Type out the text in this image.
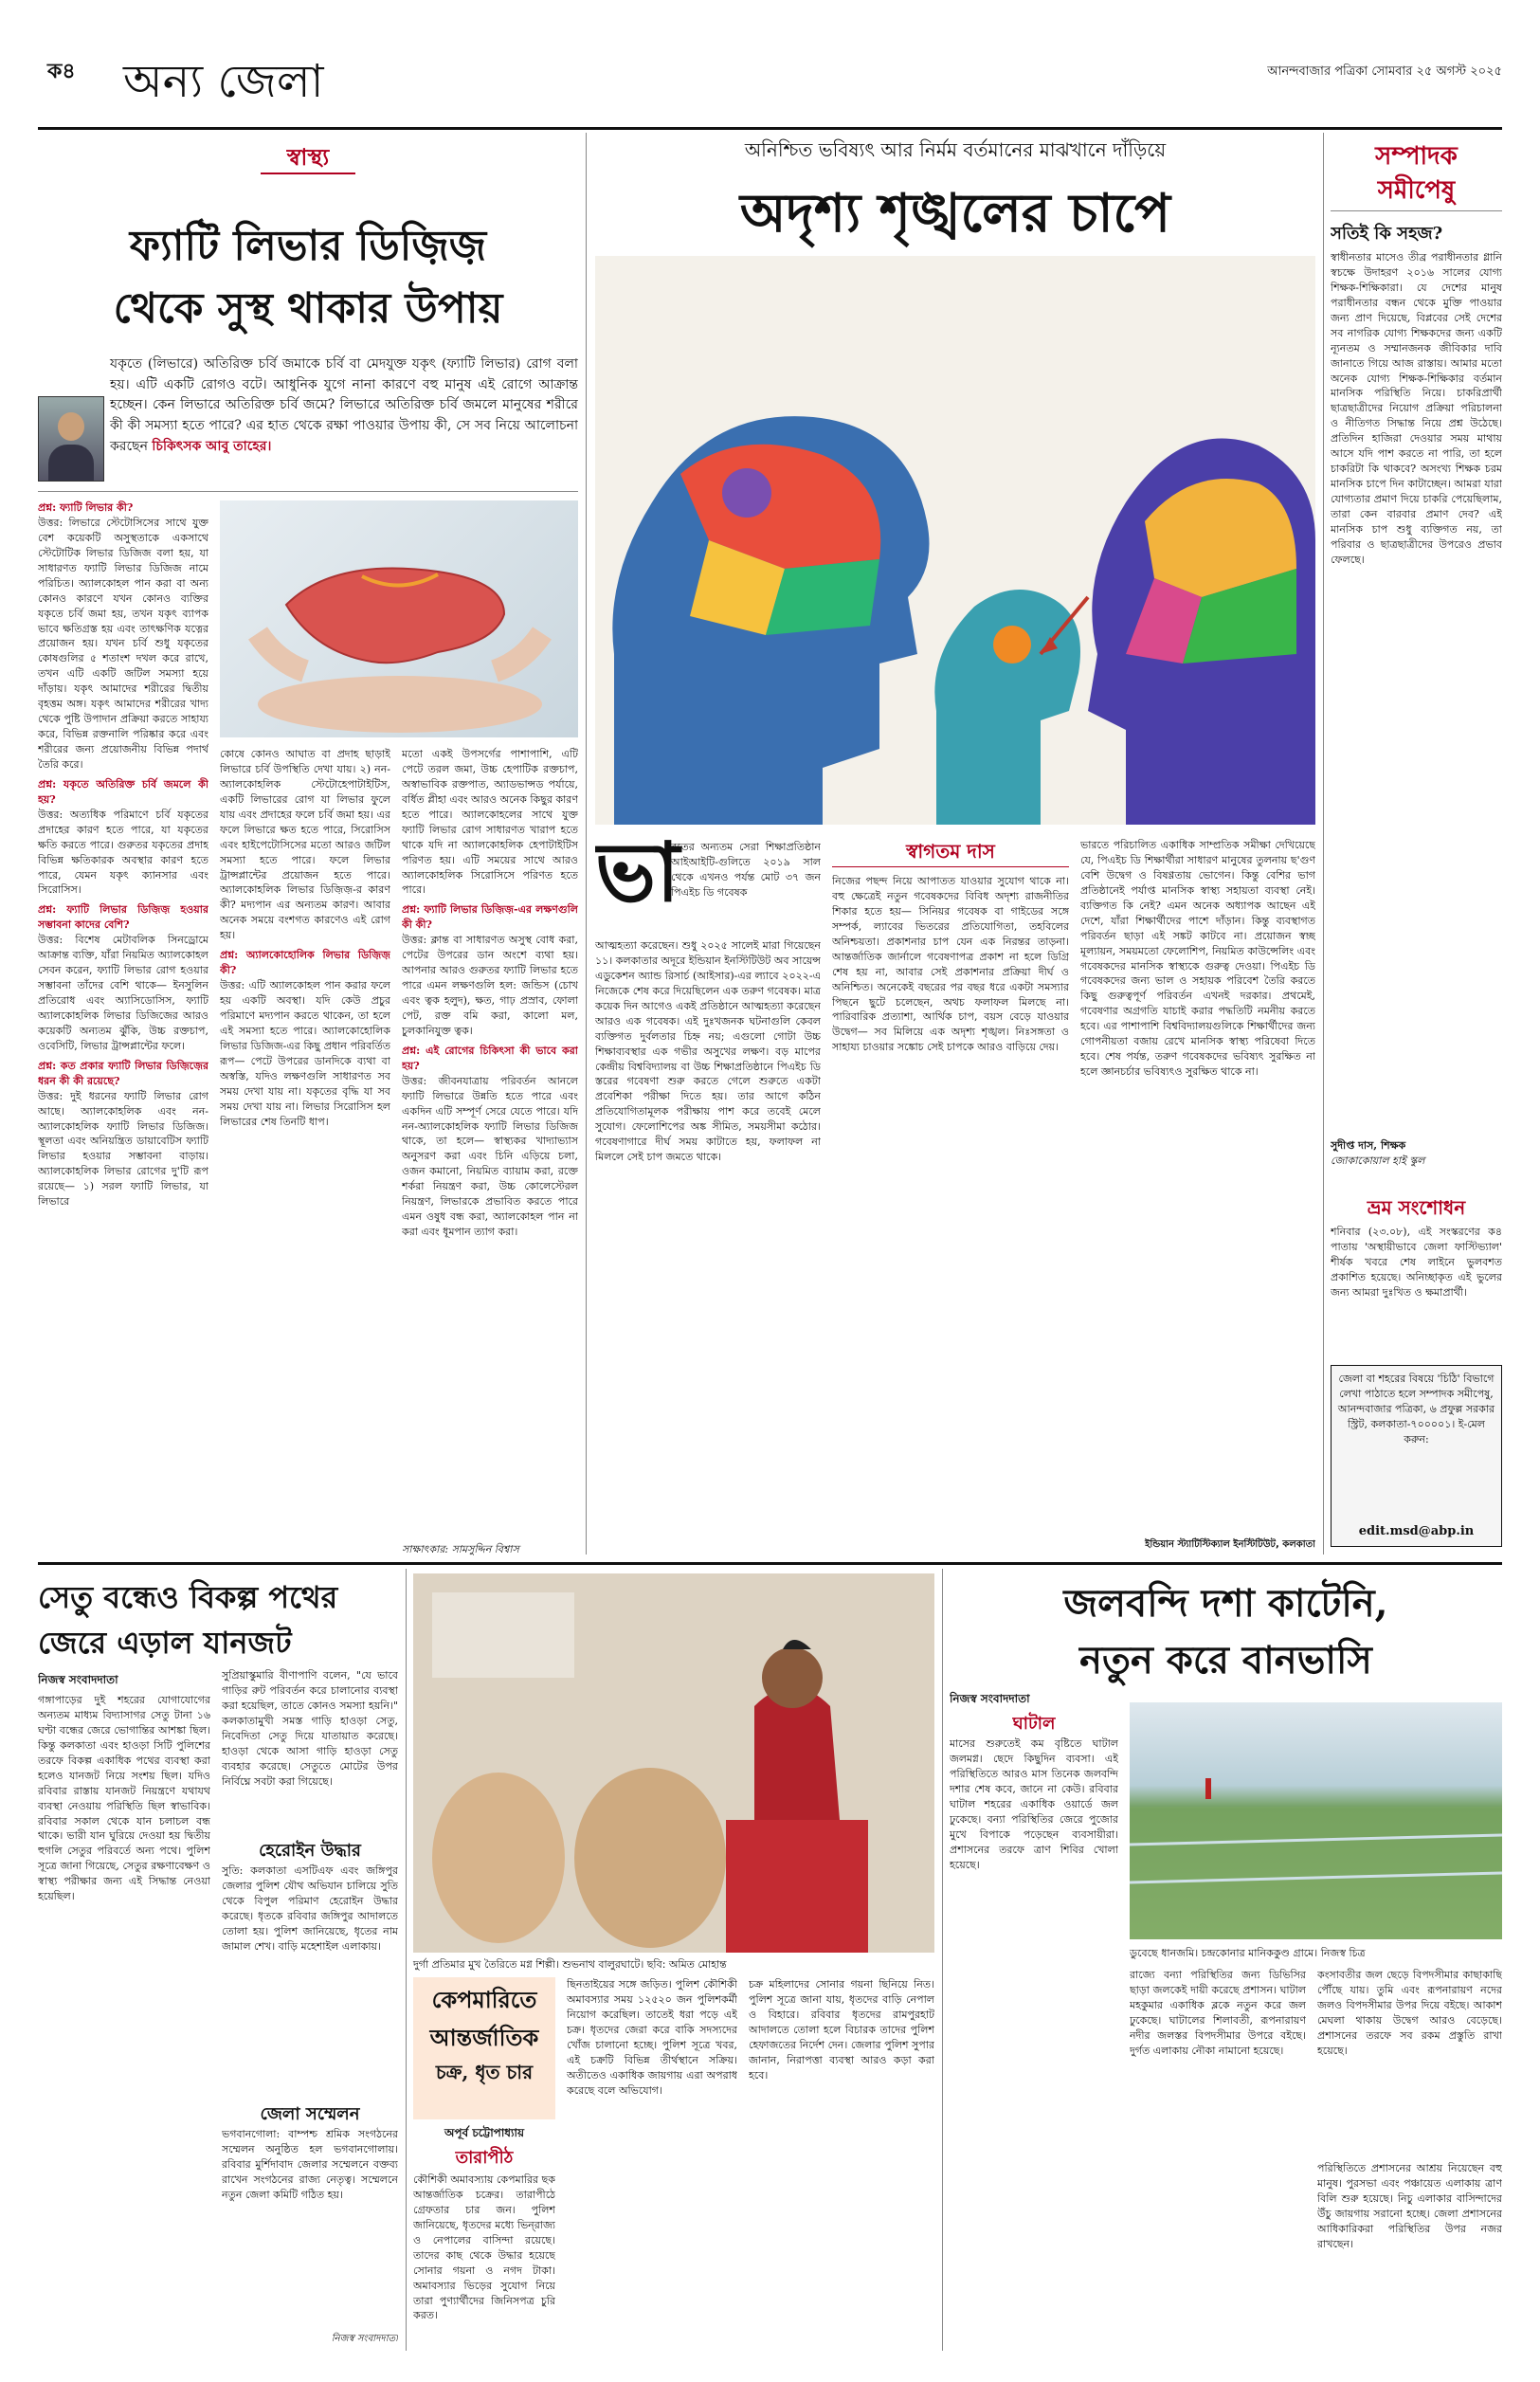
ক৪ অন্য জেলা	আনন্দবাজার পত্রিকা সোমবার ২৫ অগস্ট ২০২৫
স্বাস্থ্য
ফ্যাটি লিভার ডিজ়িজ়
থেকে সুস্থ থাকার উপায়
যকৃতে (লিভারে) অতিরিক্ত চর্বি জমাকে চর্বি বা মেদযুক্ত যকৃৎ (ফ্যাটি লিভার) রোগ বলা হয়। এটি একটি রোগও বটে। আধুনিক যুগে নানা কারণে বহু মানুষ এই রোগে আক্রান্ত হচ্ছেন। কেন লিভারে অতিরিক্ত চর্বি জমে? লিভারে অতিরিক্ত চর্বি জমলে মানুষের শরীরে কী কী সমস্যা হতে পারে? এর হাত থেকে রক্ষা পাওয়ার উপায় কী, সে সব নিয়ে আলোচনা করছেন চিকিৎসক আবু তাহের।

প্রশ্ন: ফ্যাটি লিভার কী?
উত্তর: লিভারে স্টেটোসিসের সাথে যুক্ত বেশ কয়েকটি অসুস্থতাকে একসাথে স্টেটোটিক লিভার ডিজিজ বলা হয়, যা সাধারণত ফ্যাটি লিভার ডিজিজ নামে পরিচিত। অ্যালকোহল পান করা বা অন্য কোনও কারণে যখন কোনও ব্যক্তির যকৃতে চর্বি জমা হয়, তখন যকৃৎ ব্যাপক ভাবে ক্ষতিগ্রস্ত হয় এবং তাৎক্ষণিক যত্নের প্রয়োজন হয়। যখন চর্বি শুধু যকৃতের কোষগুলির ৫ শতাংশ দখল করে রাখে, তখন এটি একটি জটিল সমস্যা হয়ে দাঁড়ায়। যকৃৎ আমাদের শরীরের দ্বিতীয় বৃহত্তম অঙ্গ। যকৃৎ আমাদের শরীরের খাদ্য থেকে পুষ্টি উপাদান প্রক্রিয়া করতে সাহায্য করে, বিভিন্ন রক্তনালি পরিষ্কার করে এবং শরীরের জন্য প্রয়োজনীয় বিভিন্ন পদার্থ তৈরি করে।

প্রশ্ন: যকৃতে অতিরিক্ত চর্বি জমলে কী হয়?
উত্তর: অত্যধিক পরিমাণে চর্বি যকৃতের প্রদাহের কারণ হতে পারে, যা যকৃতের ক্ষতি করতে পারে। গুরুতর যকৃতের প্রদাহ বিভিন্ন ক্ষতিকারক অবস্থার কারণ হতে পারে, যেমন যকৃৎ ক্যানসার এবং সিরোসিস।

প্রশ্ন: ফ্যাটি লিভার ডিজ়িজ় হওয়ার সম্ভাবনা কাদের বেশি?
উত্তর: বিশেষ মেটাবলিক সিনড্রোমে আক্রান্ত ব্যক্তি, যাঁরা নিয়মিত অ্যালকোহল সেবন করেন, ফ্যাটি লিভার রোগ হওয়ার সম্ভাবনা তাঁদের বেশি থাকে— ইনসুলিন প্রতিরোধ এবং অ্যাসিডোসিস, ফ্যাটি অ্যালকোহলিক লিভার ডিজিজের আরও কয়েকটি অন্যতম ঝুঁকি, উচ্চ রক্তচাপ, ওবেসিটি, লিভার ট্রান্সপ্লান্টের ফলে।

প্রশ্ন: কত প্রকার ফ্যাটি লিভার ডিজ়িজ়ের ধরন কী কী রয়েছে?
উত্তর: দুই ধরনের ফ্যাটি লিভার রোগ আছে। অ্যালকোহলিক এবং নন-অ্যালকোহলিক ফ্যাটি লিভার ডিজিজ। স্থূলতা এবং অনিয়ন্ত্রিত ডায়াবেটিস ফ্যাটি লিভার হওয়ার সম্ভাবনা বাড়ায়। অ্যালকোহলিক লিভার রোগের দু'টি রূপ রয়েছে— ১) সরল ফ্যাটি লিভার, যা লিভারে

কোষে কোনও আঘাত বা প্রদাহ ছাড়াই লিভারে চর্বি উপস্থিতি দেখা যায়। ২) নন-অ্যালকোহলিক স্টেটোহেপাটাইটিস, একটি লিভারের রোগ যা লিভার ফুলে যায় এবং প্রদাহের ফলে চর্বি জমা হয়। এর ফলে লিভারে ক্ষত হতে পারে, সিরোসিস এবং হাইপেটোসিসের মতো আরও জটিল সমস্যা হতে পারে। ফলে লিভার ট্রান্সপ্লান্টের প্রয়োজন হতে পারে। অ্যালকোহলিক লিভার ডিজ়িজ়-র কারণ কী? মদ্যপান এর অন্যতম কারণ। আবার অনেক সময়ে বংশগত কারণেও এই রোগ হয়।

প্রশ্ন: অ্যালকোহোলিক লিভার ডিজ়িজ় কী?
উত্তর: এটি অ্যালকোহল পান করার ফলে হয় একটি অবস্থা। যদি কেউ প্রচুর পরিমাণে মদ্যপান করতে থাকেন, তা হলে এই সমস্যা হতে পারে। অ্যালকোহোলিক লিভার ডিজিজ-এর কিছু প্রধান পরিবর্তিত রূপ— পেটে উপরের ডানদিকে ব্যথা বা অস্বস্তি, যদিও লক্ষণগুলি সাধারণত সব সময় দেখা যায় না। যকৃতের বৃদ্ধি যা সব সময় দেখা যায় না। লিভার সিরোসিস হল লিভারের শেষ তিনটি ধাপ।

মতো একই উপসর্গের পাশাপাশি, এটি পেটে তরল জমা, উচ্চ হেপাটিক রক্তচাপ, অস্বাভাবিক রক্তপাত, অ্যাডভান্সড পর্যায়ে, বর্ধিত প্লীহা এবং আরও অনেক কিছুর কারণ হতে পারে। অ্যালকোহলের সাথে যুক্ত ফ্যাটি লিভার রোগ সাধারণত খারাপ হতে থাকে যদি না অ্যালকোহলিক হেপাটাইটিস পরিণত হয়। এটি সময়ের সাথে আরও অ্যালকোহলিক সিরোসিসে পরিণত হতে পারে।

প্রশ্ন: ফ্যাটি লিভার ডিজ়িজ়-এর লক্ষণগুলি কী কী?
উত্তর: ক্লান্ত বা সাধারণত অসুস্থ বোধ করা, পেটের উপরের ডান অংশে ব্যথা হয়। আপনার আরও গুরুতর ফ্যাটি লিভার হতে পারে এমন লক্ষণগুলি হল: জন্ডিস (চোখ এবং ত্বক হলুদ), ক্ষত, গাঢ় প্রস্রাব, ফোলা পেট, রক্ত বমি করা, কালো মল, চুলকানিযুক্ত ত্বক।

প্রশ্ন: এই রোগের চিকিৎসা কী ভাবে করা হয়?
উত্তর: জীবনযাত্রায় পরিবর্তন আনলে ফ্যাটি লিভারে উন্নতি হতে পারে এবং একদিন এটি সম্পূর্ণ সেরে যেতে পারে। যদি নন-অ্যালকোহলিক ফ্যাটি লিভার ডিজিজ থাকে, তা হলে— স্বাস্থ্যকর খাদ্যাভ্যাস অনুসরণ করা এবং চিনি এড়িয়ে চলা, ওজন কমানো, নিয়মিত ব্যায়াম করা, রক্তে শর্করা নিয়ন্ত্রণ করা, উচ্চ কোলেস্টেরল নিয়ন্ত্রণ, লিভারকে প্রভাবিত করতে পারে এমন ওষুধ বন্ধ করা, অ্যালকোহল পান না করা এবং ধূমপান ত্যাগ করা।

সাক্ষাৎকার: সামসুদ্দিন বিশ্বাস
অনিশ্চিত ভবিষ্যৎ আর নির্মম বর্তমানের মাঝখানে দাঁড়িয়ে
অদৃশ্য শৃঙ্খলের চাপে
ভা
রতের অন্যতম সেরা শিক্ষাপ্রতিষ্ঠান আইআইটি-গুলিতে ২০১৯ সাল থেকে এখনও পর্যন্ত মোট ৩৭ জন পিএইচ ডি গবেষক
আত্মহত্যা করেছেন। শুধু ২০২৫ সালেই মারা গিয়েছেন ১১। কলকাতার অদূরে ইন্ডিয়ান ইনস্টিটিউট অব সায়েন্স এডুকেশন অ্যান্ড রিসার্চ (আইসার)-এর ল্যাবে ২০২২-এ নিজেকে শেষ করে দিয়েছিলেন এক তরুণ গবেষক। মাত্র কয়েক দিন আগেও একই প্রতিষ্ঠানে আত্মহত্যা করেছেন আরও এক গবেষক। এই দুঃখজনক ঘটনাগুলি কেবল ব্যক্তিগত দুর্বলতার চিহ্ন নয়; এগুলো গোটা উচ্চ শিক্ষাব্যবস্থার এক গভীর অসুখের লক্ষণ। বড় মাপের কেন্দ্রীয় বিশ্ববিদ্যালয় বা উচ্চ শিক্ষাপ্রতিষ্ঠানে পিএইচ ডি স্তরের গবেষণা শুরু করতে গেলে শুরুতে একটা প্রবেশিকা পরীক্ষা দিতে হয়। তার আগে কঠিন প্রতিযোগিতামূলক পরীক্ষায় পাশ করে তবেই মেলে সুযোগ। ফেলোশিপের অঙ্ক সীমিত, সময়সীমা কঠোর। গবেষণাগারে দীর্ঘ সময় কাটাতে হয়, ফলাফল না মিললে সেই চাপ জমতে থাকে।
স্বাগতম দাস
নিজের পছন্দ নিয়ে আপাতত যাওয়ার সুযোগ থাকে না। বহু ক্ষেত্রেই নতুন গবেষকদের বিবিধ অদৃশ্য রাজনীতির শিকার হতে হয়— সিনিয়র গবেষক বা গাইডের সঙ্গে সম্পর্ক, ল্যাবের ভিতরের প্রতিযোগিতা, তহবিলের অনিশ্চয়তা। প্রকাশনার চাপ যেন এক নিরন্তর তাড়না। আন্তর্জাতিক জার্নালে গবেষণাপত্র প্রকাশ না হলে ডিগ্রি শেষ হয় না, আবার সেই প্রকাশনার প্রক্রিয়া দীর্ঘ ও অনিশ্চিত। অনেকেই বছরের পর বছর ধরে একটা সমস্যার পিছনে ছুটে চলেছেন, অথচ ফলাফল মিলছে না। পারিবারিক প্রত্যাশা, আর্থিক চাপ, বয়স বেড়ে যাওয়ার উদ্বেগ— সব মিলিয়ে এক অদৃশ্য শৃঙ্খল। নিঃসঙ্গতা ও সাহায্য চাওয়ার সঙ্কোচ সেই চাপকে আরও বাড়িয়ে দেয়।
ভারতে পরিচালিত একাধিক সাম্প্রতিক সমীক্ষা দেখিয়েছে যে, পিএইচ ডি শিক্ষার্থীরা সাধারণ মানুষের তুলনায় ছ'গুণ বেশি উদ্বেগ ও বিষণ্ণতায় ভোগেন। কিন্তু বেশির ভাগ প্রতিষ্ঠানেই পর্যাপ্ত মানসিক স্বাস্থ্য সহায়তা ব্যবস্থা নেই। ব্যক্তিগত কি নেই? এমন অনেক অধ্যাপক আছেন এই দেশে, যাঁরা শিক্ষার্থীদের পাশে দাঁড়ান। কিন্তু ব্যবস্থাগত পরিবর্তন ছাড়া এই সঙ্কট কাটবে না। প্রয়োজন স্বচ্ছ মূল্যায়ন, সময়মতো ফেলোশিপ, নিয়মিত কাউন্সেলিং এবং গবেষকদের মানসিক স্বাস্থ্যকে গুরুত্ব দেওয়া। পিএইচ ডি গবেষকদের জন্য ভাল ও সহায়ক পরিবেশ তৈরি করতে কিছু গুরুত্বপূর্ণ পরিবর্তন এখনই দরকার। প্রথমেই, গবেষণার অগ্রগতি যাচাই করার পদ্ধতিটি নমনীয় করতে হবে। এর পাশাপাশি বিশ্ববিদ্যালয়গুলিকে শিক্ষার্থীদের জন্য গোপনীয়তা বজায় রেখে মানসিক স্বাস্থ্য পরিষেবা দিতে হবে। শেষ পর্যন্ত, তরুণ গবেষকদের ভবিষ্যৎ সুরক্ষিত না হলে জ্ঞানচর্চার ভবিষ্যৎও সুরক্ষিত থাকে না।
ইন্ডিয়ান স্ট্যাটিস্টিক্যাল ইনস্টিটিউট, কলকাতা
সম্পাদক
সমীপেষু
সতিই কি সহজ?
স্বাধীনতার মাসেও তীব্র পরাধীনতার গ্লানি স্বচক্ষে উদাহরণ ২০১৬ সালের যোগ্য শিক্ষক-শিক্ষিকারা। যে দেশের মানুষ পরাধীনতার বন্ধন থেকে মুক্তি পাওয়ার জন্য প্রাণ দিয়েছে, বিপ্লবের সেই দেশের সব নাগরিক যোগ্য শিক্ষকদের জন্য একটি ন্যূনতম ও সম্মানজনক জীবিকার দাবি জানাতে গিয়ে আজ রাস্তায়। আমার মতো অনেক যোগ্য শিক্ষক-শিক্ষিকার বর্তমান মানসিক পরিস্থিতি নিয়ে। চাকরিপ্রার্থী ছাত্রছাত্রীদের নিয়োগ প্রক্রিয়া পরিচালনা ও নীতিগত সিদ্ধান্ত নিয়ে প্রশ্ন উঠেছে। প্রতিদিন হাজিরা দেওয়ার সময় মাথায় আসে যদি পাশ করতে না পারি, তা হলে চাকরিটা কি থাকবে? অসংখ্য শিক্ষক চরম মানসিক চাপে দিন কাটাচ্ছেন। আমরা যারা যোগ্যতার প্রমাণ দিয়ে চাকরি পেয়েছিলাম, তারা কেন বারবার প্রমাণ দেব? এই মানসিক চাপ শুধু ব্যক্তিগত নয়, তা পরিবার ও ছাত্রছাত্রীদের উপরেও প্রভাব ফেলছে।
সুদীপ্ত দাস, শিক্ষক
জোকাকোয়াল হাই স্কুল
ভ্রম সংশোধন
শনিবার (২৩.০৮), এই সংস্করণের ক৪ পাতায় 'অস্থায়ীভাবে জেলা ফাস্টিভ্যাল' শীর্ষক খবরে শেষ লাইনে ভুলবশত প্রকাশিত হয়েছে। অনিচ্ছাকৃত এই ভুলের জন্য আমরা দুঃখিত ও ক্ষমাপ্রার্থী।
জেলা বা শহরের বিষয়ে 'চিঠি' বিভাগে লেখা পাঠাতে হলে সম্পাদক সমীপেষু, আনন্দবাজার পত্রিকা, ৬ প্রফুল্ল সরকার স্ট্রিট, কলকাতা-৭০০০০১। ই-মেল করুন:
edit.msd@abp.in
সেতু বন্ধেও বিকল্প পথের
জেরে এড়াল যানজট
নিজস্ব সংবাদদাতা
গঙ্গাপাড়ের দুই শহরের যোগাযোগের অন্যতম মাধ্যম বিদ্যাসাগর সেতু টানা ১৬ ঘণ্টা বন্ধের জেরে ভোগান্তির আশঙ্কা ছিল। কিন্তু কলকাতা এবং হাওড়া সিটি পুলিশের তরফে বিকল্প একাধিক পথের ব্যবস্থা করা হলেও যানজট নিয়ে সংশয় ছিল। যদিও রবিবার রাস্তায় যানজট নিয়ন্ত্রণে যথাযথ ব্যবস্থা নেওয়ায় পরিস্থিতি ছিল স্বাভাবিক। রবিবার সকাল থেকে যান চলাচল বন্ধ থাকে। ভারী যান ঘুরিয়ে দেওয়া হয় দ্বিতীয় হুগলি সেতুর পরিবর্তে অন্য পথে। পুলিশ সূত্রে জানা গিয়েছে, সেতুর রক্ষণাবেক্ষণ ও স্বাস্থ্য পরীক্ষার জন্য এই সিদ্ধান্ত নেওয়া হয়েছিল।
সুপ্রিয়াস্কুমারি বীণাপাণি বলেন, "যে ভাবে গাড়ির রুট পরিবর্তন করে চালানোর ব্যবস্থা করা হয়েছিল, তাতে কোনও সমস্যা হয়নি।" কলকাতামুখী সমস্ত গাড়ি হাওড়া সেতু, নিবেদিতা সেতু দিয়ে যাতায়াত করেছে। হাওড়া থেকে আসা গাড়ি হাওড়া সেতু ব্যবহার করেছে। সেতুতে মোটের উপর নির্বিঘ্নে সবটা করা গিয়েছে।
হেরোইন উদ্ধার
সুতি: কলকাতা এসটিএফ এবং জঙ্গিপুর জেলার পুলিশ যৌথ অভিযান চালিয়ে সুতি থেকে বিপুল পরিমাণ হেরোইন উদ্ধার করেছে। ধৃতকে রবিবার জঙ্গিপুর আদালতে তোলা হয়। পুলিশ জানিয়েছে, ধৃতের নাম জামাল শেখ। বাড়ি মহেশাইল এলাকায়।
জেলা সম্মেলন
ভগবানগোলা: বাম্পশ্চ শ্রমিক সংগঠনের সম্মেলন অনুষ্ঠিত হল ভগবানগোলায়। রবিবার মুর্শিদাবাদ জেলার সম্মেলনে বক্তব্য রাখেন সংগঠনের রাজ্য নেতৃত্ব। সম্মেলনে নতুন জেলা কমিটি গঠিত হয়।
নিজস্ব সংবাদদাতা
দুর্গা প্রতিমার মুখ তৈরিতে মগ্ন শিল্পী। শুভনাথ বালুরঘাটে। ছবি: অমিত মোহান্ত
কেপমারিতে
আন্তর্জাতিক
চক্র, ধৃত চার
অপূর্ব চট্টোপাধ্যায়
তারাপীঠ
কৌশিকী অমাবস্যায় কেপমারির ছক আন্তর্জাতিক চক্রের। তারাপীঠে গ্রেফতার চার জন। পুলিশ জানিয়েছে, ধৃতদের মধ্যে ভিন্‌রাজ্য ও নেপালের বাসিন্দা রয়েছে। তাদের কাছ থেকে উদ্ধার হয়েছে সোনার গয়না ও নগদ টাকা। অমাবস্যার ভিড়ের সুযোগ নিয়ে তারা পুণ্যার্থীদের জিনিসপত্র চুরি করত।
ছিনতাইয়ের সঙ্গে জড়িত। পুলিশ কৌশিকী অমাবস্যার সময় ১২৫২০ জন পুলিশকর্মী নিয়োগ করেছিল। তাতেই ধরা পড়ে এই চক্র। ধৃতদের জেরা করে বাকি সদস্যদের খোঁজ চালানো হচ্ছে। পুলিশ সূত্রে খবর, এই চক্রটি বিভিন্ন তীর্থস্থানে সক্রিয়। অতীতেও একাধিক জায়গায় এরা অপরাধ করেছে বলে অভিযোগ।
চক্র মহিলাদের সোনার গয়না ছিনিয়ে নিত। পুলিশ সূত্রে জানা যায়, ধৃতদের বাড়ি নেপাল ও বিহারে। রবিবার ধৃতদের রামপুরহাট আদালতে তোলা হলে বিচারক তাদের পুলিশ হেফাজতের নির্দেশ দেন। জেলার পুলিশ সুপার জানান, নিরাপত্তা ব্যবস্থা আরও কড়া করা হবে।
জলবন্দি দশা কাটেনি,
নতুন করে বানভাসি
নিজস্ব সংবাদদাতা
ঘাটাল
মাসের শুরুতেই কম বৃষ্টিতে ঘাটাল জলমগ্ন। ছেদে কিছুদিন ব্যবসা। এই পরিস্থিতিতে আরও মাস তিনেক জলবন্দি দশার শেষ কবে, জানে না কেউ। রবিবার ঘাটাল শহরের একাধিক ওয়ার্ডে জল ঢুকেছে। বন্যা পরিস্থিতির জেরে পুজোর মুখে বিপাকে পড়েছেন ব্যবসায়ীরা। প্রশাসনের তরফে ত্রাণ শিবির খোলা হয়েছে।
ডুবেছে ধানজমি। চন্দ্রকোনার মানিককুণ্ড গ্রামে। নিজস্ব চিত্র
রাজ্যে বন্যা পরিস্থিতির জন্য ডিভিসির ছাড়া জলকেই দায়ী করেছে প্রশাসন। ঘাটাল মহকুমার একাধিক ব্লকে নতুন করে জল ঢুকেছে। ঘাটালের শিলাবতী, রূপনারায়ণ নদীর জলস্তর বিপদসীমার উপরে বইছে। দুর্গত এলাকায় নৌকা নামানো হয়েছে।
কংসাবতীর জল ছেড়ে বিপদসীমার কাছাকাছি পৌঁছে যায়। তুমি এবং রূপনারায়ণ নদের জলও বিপদসীমার উপর দিয়ে বইছে। আকাশ মেঘলা থাকায় উদ্বেগ আরও বেড়েছে। প্রশাসনের তরফে সব রকম প্রস্তুতি রাখা হয়েছে।
পরিস্থিতিতে প্রশাসনের আশ্রয় নিয়েছেন বহু মানুষ। পুরসভা এবং পঞ্চায়েত এলাকায় ত্রাণ বিলি শুরু হয়েছে। নিচু এলাকার বাসিন্দাদের উঁচু জায়গায় সরানো হচ্ছে। জেলা প্রশাসনের আধিকারিকরা পরিস্থিতির উপর নজর রাখছেন।
